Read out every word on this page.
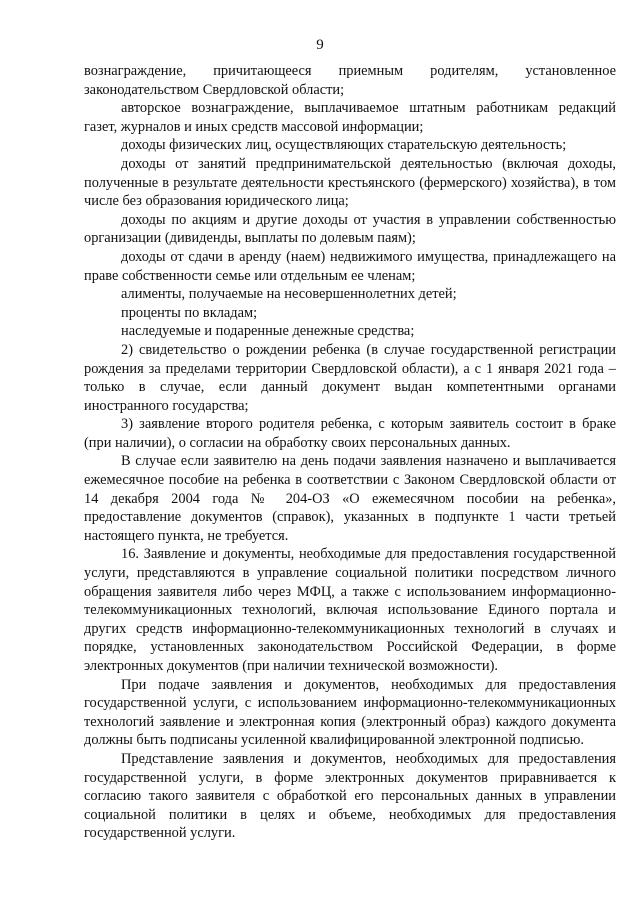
9

вознаграждение, причитающееся приемным родителям, установленное законодательством Свердловской области;

авторское вознаграждение, выплачиваемое штатным работникам редакций газет, журналов и иных средств массовой информации;

доходы физических лиц, осуществляющих старательскую деятельность;

доходы от занятий предпринимательской деятельностью (включая доходы, полученные в результате деятельности крестьянского (фермерского) хозяйства), в том числе без образования юридического лица;

доходы по акциям и другие доходы от участия в управлении собственностью организации (дивиденды, выплаты по долевым паям);

доходы от сдачи в аренду (наем) недвижимого имущества, принадлежащего на праве собственности семье или отдельным ее членам;

алименты, получаемые на несовершеннолетних детей;

проценты по вкладам;

наследуемые и подаренные денежные средства;

2) свидетельство о рождении ребенка (в случае государственной регистрации рождения за пределами территории Свердловской области), а с 1 января 2021 года – только в случае, если данный документ выдан компетентными органами иностранного государства;

3) заявление второго родителя ребенка, с которым заявитель состоит в браке (при наличии), о согласии на обработку своих персональных данных.

В случае если заявителю на день подачи заявления назначено и выплачивается ежемесячное пособие на ребенка в соответствии с Законом Свердловской области от 14 декабря 2004 года № 204-ОЗ «О ежемесячном пособии на ребенка», предоставление документов (справок), указанных в подпункте 1 части третьей настоящего пункта, не требуется.

16. Заявление и документы, необходимые для предоставления государственной услуги, представляются в управление социальной политики посредством личного обращения заявителя либо через МФЦ, а также с использованием информационно-телекоммуникационных технологий, включая использование Единого портала и других средств информационно-телекоммуникационных технологий в случаях и порядке, установленных законодательством Российской Федерации, в форме электронных документов (при наличии технической возможности).

При подаче заявления и документов, необходимых для предоставления государственной услуги, с использованием информационно-телекоммуникационных технологий заявление и электронная копия (электронный образ) каждого документа должны быть подписаны усиленной квалифицированной электронной подписью.

Представление заявления и документов, необходимых для предоставления государственной услуги, в форме электронных документов приравнивается к согласию такого заявителя с обработкой его персональных данных в управлении социальной политики в целях и объеме, необходимых для предоставления государственной услуги.
